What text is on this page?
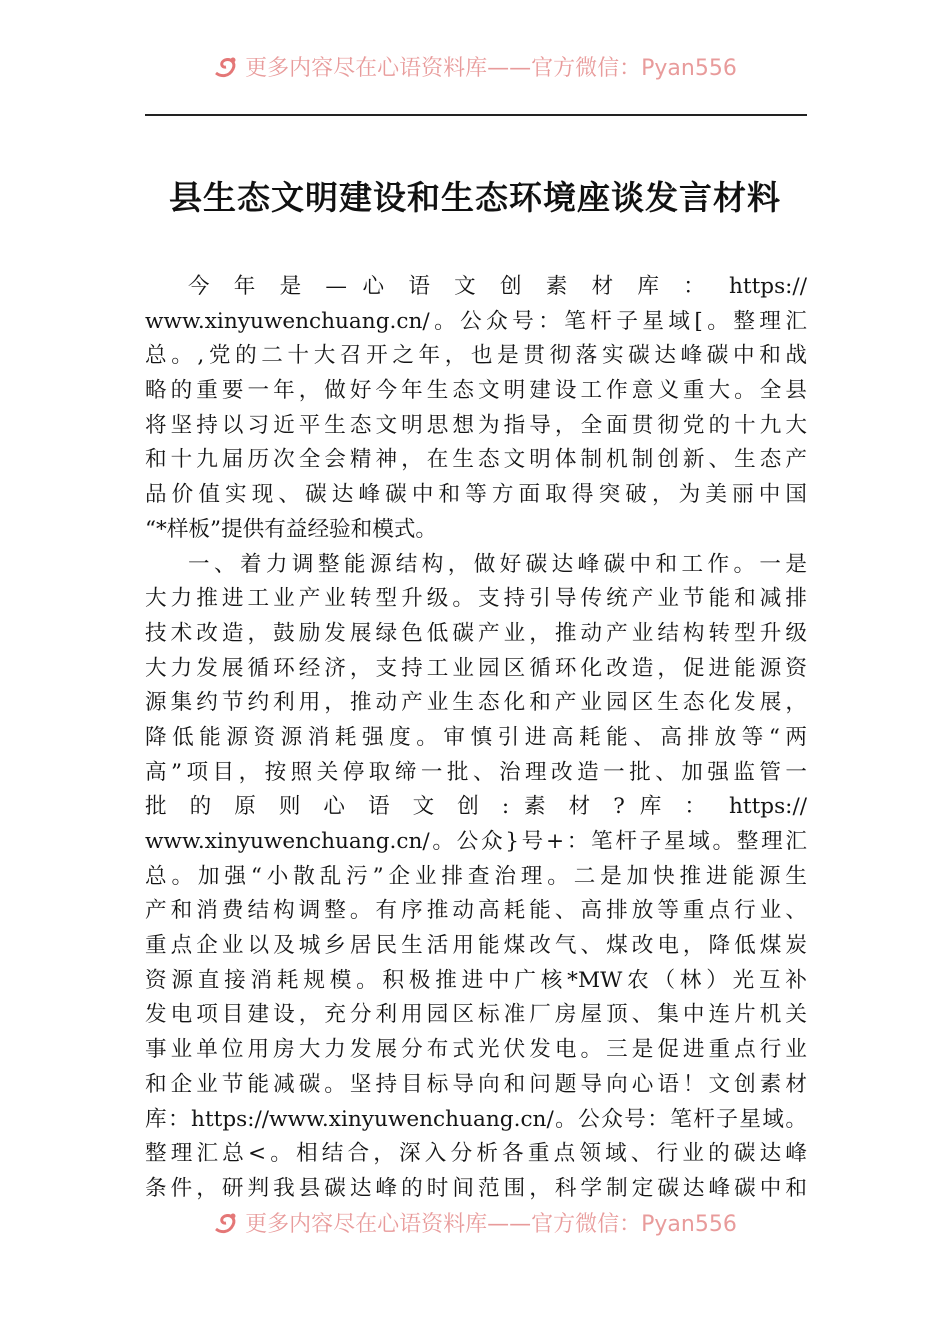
更多内容尽在心语资料库——官方微信：Pyan556
县生态文明建设和生态环境座谈发言材料
今 年 是 — 心 语 文 创 素 材 库 ： https://
www.xinyuwenchuang.cn/。公众号：笔杆子星域[。整理汇
总。,党的二十大召开之年，也是贯彻落实碳达峰碳中和战
略的重要一年，做好今年生态文明建设工作意义重大。全县
将坚持以习近平生态文明思想为指导，全面贯彻党的十九大
和十九届历次全会精神，在生态文明体制机制创新、生态产
品价值实现、碳达峰碳中和等方面取得突破，为美丽中国
“*样板”提供有益经验和模式。
一、着力调整能源结构，做好碳达峰碳中和工作。一是
大力推进工业产业转型升级。支持引导传统产业节能和减排
技术改造，鼓励发展绿色低碳产业，推动产业结构转型升级
大力发展循环经济，支持工业园区循环化改造，促进能源资
源集约节约利用，推动产业生态化和产业园区生态化发展，
降低能源资源消耗强度。审慎引进高耗能、高排放等“两
高”项目，按照关停取缔一批、治理改造一批、加强监管一
批 的 原 则 心 语 文 创 : 素 材 ? 库 ： https://
www.xinyuwenchuang.cn/。公众}号+：笔杆子星域。整理汇
总。加强“小散乱污”企业排查治理。二是加快推进能源生
产和消费结构调整。有序推动高耗能、高排放等重点行业、
重点企业以及城乡居民生活用能煤改气、煤改电，降低煤炭
资源直接消耗规模。积极推进中广核*MW农（林）光互补
发电项目建设，充分利用园区标准厂房屋顶、集中连片机关
事业单位用房大力发展分布式光伏发电。三是促进重点行业
和企业节能减碳。坚持目标导向和问题导向心语！文创素材
库：https://www.xinyuwenchuang.cn/。公众号：笔杆子星域。
整理汇总<。相结合，深入分析各重点领域、行业的碳达峰
条件，研判我县碳达峰的时间范围，科学制定碳达峰碳中和
更多内容尽在心语资料库——官方微信：Pyan556
